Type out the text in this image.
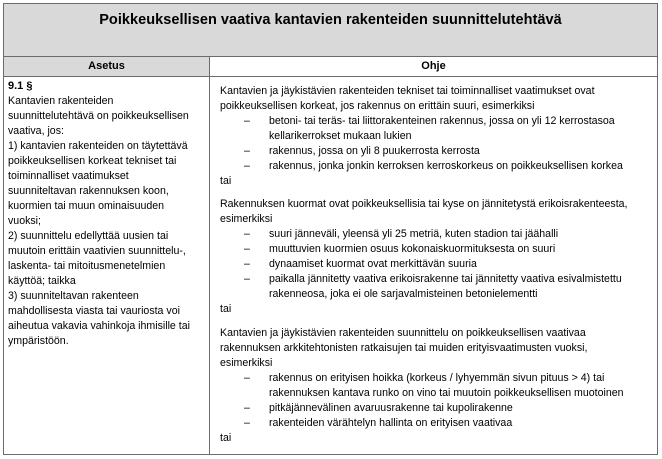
Poikkeuksellisen vaativa kantavien rakenteiden suunnittelutehtävä
Asetus	Ohje
9.1 §
Kantavien rakenteiden
suunnittelutehtävä on poikkeuksellisen
vaativa, jos:
1) kantavien rakenteiden on täytettävä
poikkeuksellisen korkeat tekniset tai
toiminnalliset vaatimukset
suunniteltavan rakennuksen koon,
kuormien tai muun ominaisuuden
vuoksi;
2) suunnittelu edellyttää uusien tai
muutoin erittäin vaativien suunnittelu-,
laskenta- tai mitoitusmenetelmien
käyttöä; taikka
3) suunniteltavan rakenteen
mahdollisesta viasta tai vauriosta voi
aiheutua vakavia vahinkoja ihmisille tai
ympäristöön.
Kantavien ja jäykistävien rakenteiden tekniset tai toiminnalliset vaatimukset ovat
poikkeuksellisen korkeat, jos rakennus on erittäin suuri, esimerkiksi
– betoni- tai teräs- tai liittorakenteinen rakennus, jossa on yli 12 kerrostasoa
kellarikerrokset mukaan lukien
– rakennus, jossa on yli 8 puukerrosta kerrosta
– rakennus, jonka jonkin kerroksen kerroskorkeus on poikkeuksellisen korkea
tai
Rakennuksen kuormat ovat poikkeuksellisia tai kyse on jännitetystä erikoisrakenteesta,
esimerkiksi
– suuri jänneväli, yleensä yli 25 metriä, kuten stadion tai jäähalli
– muuttuvien kuormien osuus kokonaiskuormituksesta on suuri
– dynaamiset kuormat ovat merkittävän suuria
– paikalla jännitetty vaativa erikoisrakenne tai jännitetty vaativa esivalmistettu
rakenneosa, joka ei ole sarjavalmisteinen betonielementti
tai
Kantavien ja jäykistävien rakenteiden suunnittelu on poikkeuksellisen vaativaa
rakennuksen arkkitehtonisten ratkaisujen tai muiden erityisvaatimusten vuoksi,
esimerkiksi
– rakennus on erityisen hoikka (korkeus / lyhyemmän sivun pituus > 4) tai
rakennuksen kantava runko on vino tai muutoin poikkeuksellisen muotoinen
– pitkäjännevälinen avaruusrakenne tai kupolirakenne
– rakenteiden värähtelyn hallinta on erityisen vaativaa
tai
